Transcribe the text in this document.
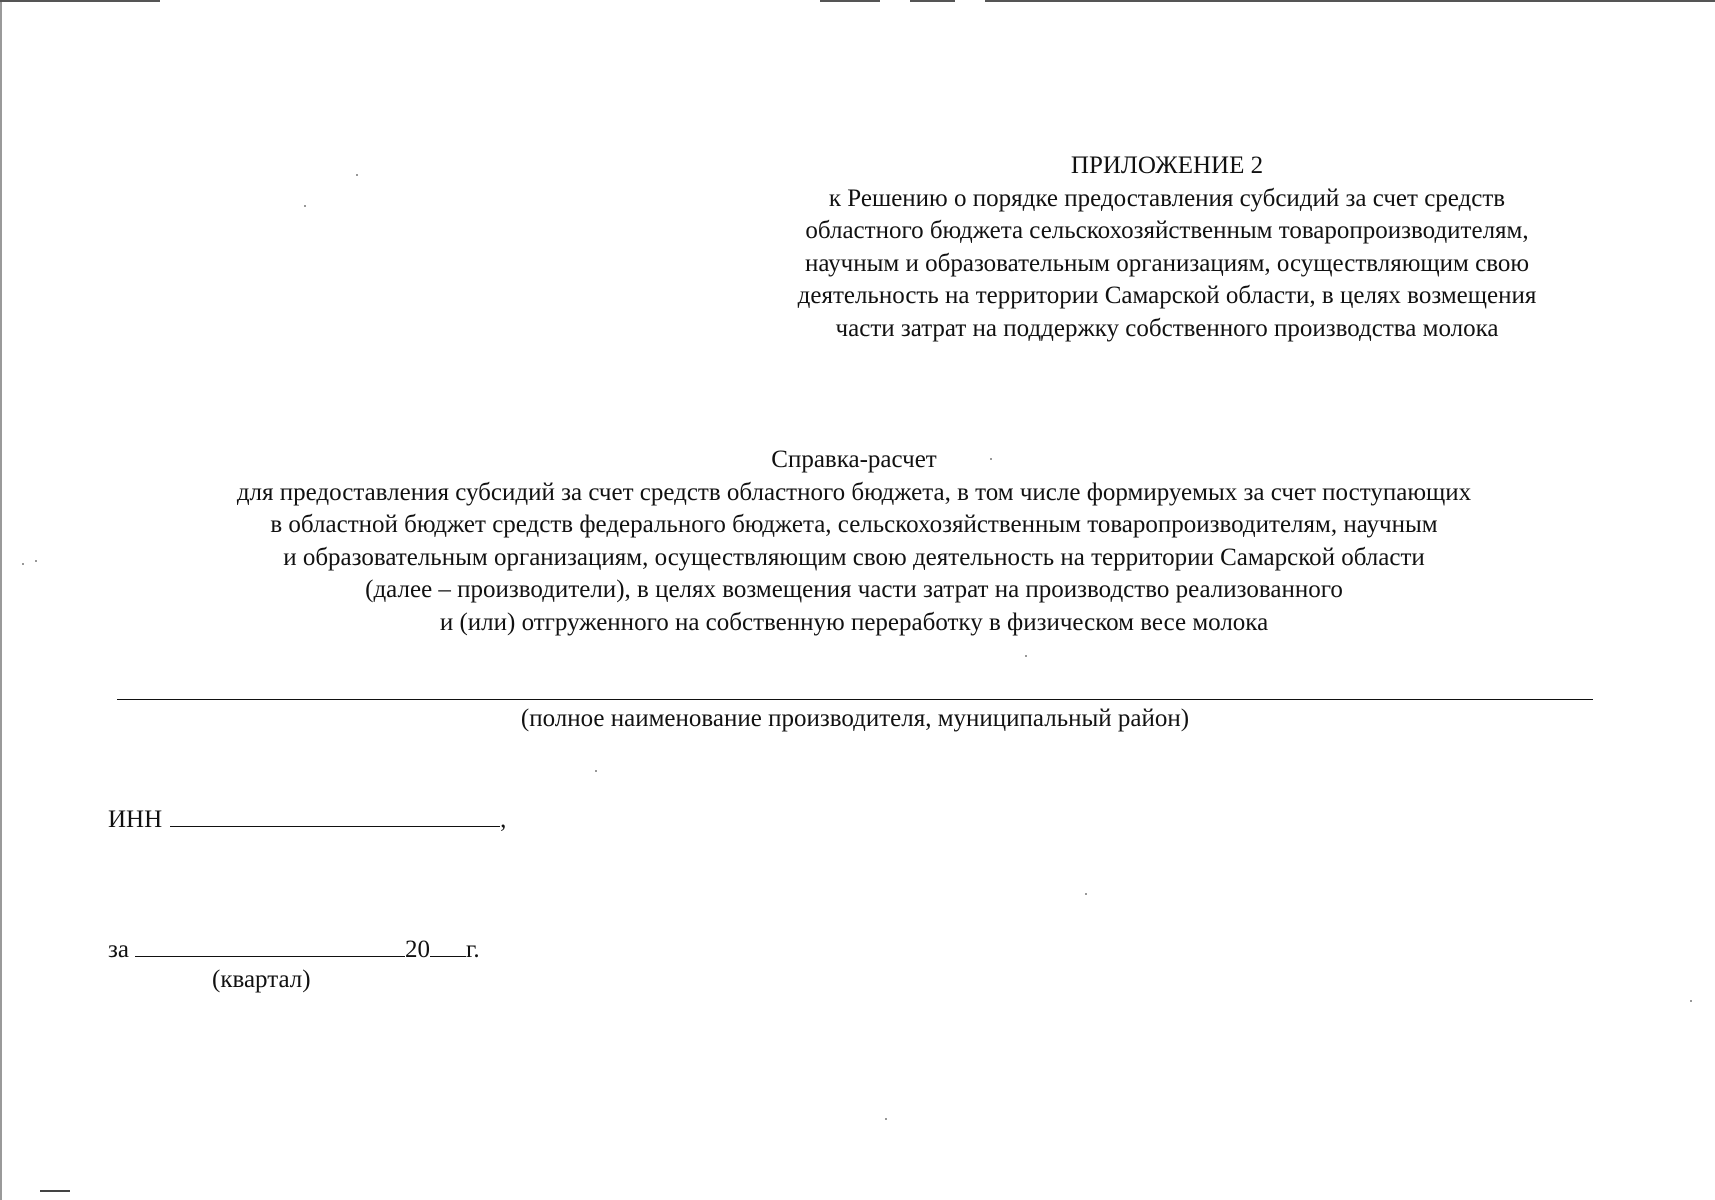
ПРИЛОЖЕНИЕ 2
к Решению о порядке предоставления субсидий за счет средств
областного бюджета сельскохозяйственным товаропроизводителям,
научным и образовательным организациям, осуществляющим свою
деятельность на территории Самарской области, в целях возмещения
части затрат на поддержку собственного производства молока
Справка-расчет
для предоставления субсидий за счет средств областного бюджета, в том числе формируемых за счет поступающих
в областной бюджет средств федерального бюджета, сельскохозяйственным товаропроизводителям, научным
и образовательным организациям, осуществляющим свою деятельность на территории Самарской области
(далее – производители), в целях возмещения части затрат на производство реализованного
и (или) отгруженного на собственную переработку в физическом весе молока
(полное наименование производителя, муниципальный район)
ИНН	,
за	20 г.
(квартал)
